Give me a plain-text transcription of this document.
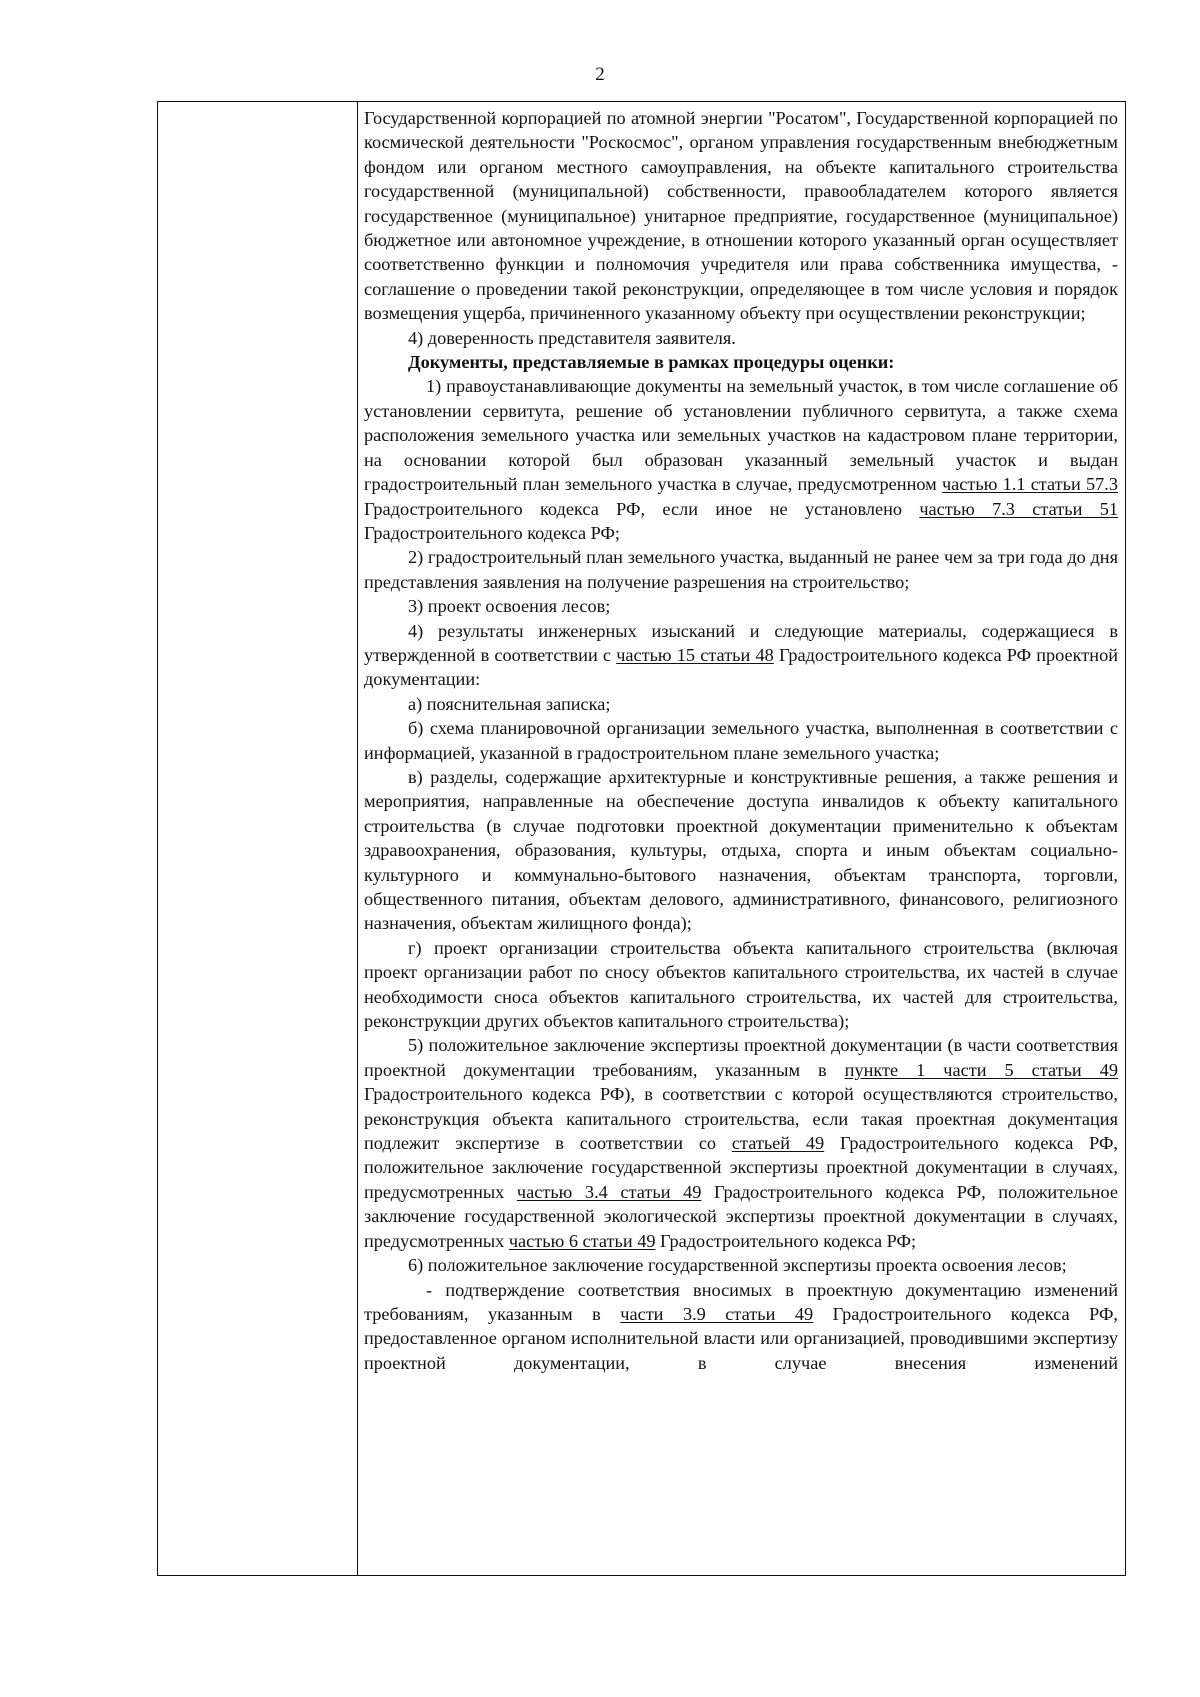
2

Государственной корпорацией по атомной энергии "Росатом", Государственной корпорацией по космической деятельности "Роскосмос", органом управления государственным внебюджетным фондом или органом местного самоуправления, на объекте капитального строительства государственной (муниципальной) собственности, правообладателем которого является государственное (муниципальное) унитарное предприятие, государственное (муниципальное) бюджетное или автономное учреждение, в отношении которого указанный орган осуществляет соответственно функции и полномочия учредителя или права собственника имущества, - соглашение о проведении такой реконструкции, определяющее в том числе условия и порядок возмещения ущерба, причиненного указанному объекту при осуществлении реконструкции;

4) доверенность представителя заявителя.

Документы, представляемые в рамках процедуры оценки:

1) правоустанавливающие документы на земельный участок, в том числе соглашение об установлении сервитута, решение об установлении публичного сервитута, а также схема расположения земельного участка или земельных участков на кадастровом плане территории, на основании которой был образован указанный земельный участок и выдан градостроительный план земельного участка в случае, предусмотренном частью 1.1 статьи 57.3 Градостроительного кодекса РФ, если иное не установлено частью 7.3 статьи 51 Градостроительного кодекса РФ;

2) градостроительный план земельного участка, выданный не ранее чем за три года до дня представления заявления на получение разрешения на строительство;

3) проект освоения лесов;

4) результаты инженерных изысканий и следующие материалы, содержащиеся в утвержденной в соответствии с частью 15 статьи 48 Градостроительного кодекса РФ проектной документации:

а) пояснительная записка;

б) схема планировочной организации земельного участка, выполненная в соответствии с информацией, указанной в градостроительном плане земельного участка;

в) разделы, содержащие архитектурные и конструктивные решения, а также решения и мероприятия, направленные на обеспечение доступа инвалидов к объекту капитального строительства (в случае подготовки проектной документации применительно к объектам здравоохранения, образования, культуры, отдыха, спорта и иным объектам социально-культурного и коммунально-бытового назначения, объектам транспорта, торговли, общественного питания, объектам делового, административного, финансового, религиозного назначения, объектам жилищного фонда);

г) проект организации строительства объекта капитального строительства (включая проект организации работ по сносу объектов капитального строительства, их частей в случае необходимости сноса объектов капитального строительства, их частей для строительства, реконструкции других объектов капитального строительства);

5) положительное заключение экспертизы проектной документации (в части соответствия проектной документации требованиям, указанным в пункте 1 части 5 статьи 49 Градостроительного кодекса РФ), в соответствии с которой осуществляются строительство, реконструкция объекта капитального строительства, если такая проектная документация подлежит экспертизе в соответствии со статьей 49 Градостроительного кодекса РФ, положительное заключение государственной экспертизы проектной документации в случаях, предусмотренных частью 3.4 статьи 49 Градостроительного кодекса РФ, положительное заключение государственной экологической экспертизы проектной документации в случаях, предусмотренных частью 6 статьи 49 Градостроительного кодекса РФ;

6) положительное заключение государственной экспертизы проекта освоения лесов;

- подтверждение соответствия вносимых в проектную документацию изменений требованиям, указанным в части 3.9 статьи 49 Градостроительного кодекса РФ, предоставленное органом исполнительной власти или организацией, проводившими экспертизу проектной документации, в случае внесения изменений
